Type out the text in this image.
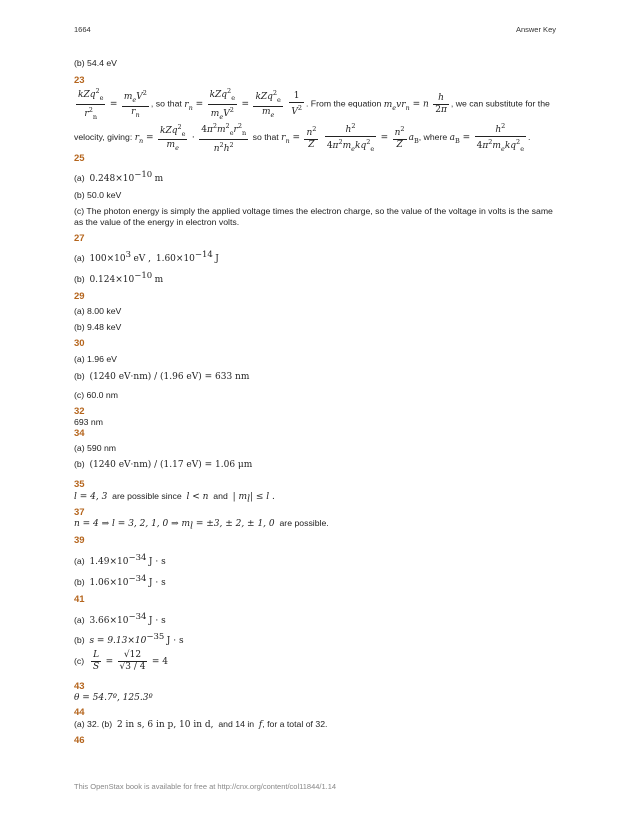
1664	Answer Key
(b) 54.4 eV
23
$\frac{kZq^2_e}{r^2_n} = \frac{m_eV^2}{r_n}$ , so that $r_n = \frac{kZq^2_e}{m_eV^2} = \frac{kZq^2_e}{m_e}$
$\frac{1}{V^2}$ . From the equation $m_evr_n = n \frac{h}{2\pi}$ , we can substitute for the
velocity, giving: $r_n = \frac{kZq^2_e}{m_e} \cdot \frac{4\pi^2m^2_er^2_n}{n^2h^2}$ so that $r_n = \frac{n^2}{Z}$
$\frac{h^2}{4\pi^2m_ekq^2_e} = \frac{n^2}{Z} a_B$, where $a_B = \frac{h^2}{4\pi^2m_ekq^2_e}$ .
25
(a) $0.248\times 10^{-10}$ m
(b) 50.0 keV
(c) The photon energy is simply the applied voltage times the electron charge, so the value of the voltage in volts is the same as the value of the energy in electron volts.
27
(a) $100\times 10^3$ eV , $1.60\times 10^{-14}$ J
(b) $0.124\times 10^{-10}$ m
29
(a) 8.00 keV
(b) 9.48 keV
30
(a) 1.96 eV
(b) (1240 eV·nm) / (1.96 eV) = 633 nm
(c) 60.0 nm
32
693 nm
34
(a) 590 nm
(b) (1240 eV·nm) / (1.17 eV) = 1.06 μm
35
l = 4, 3 are possible since l < n and | $m_l| \le l$ .
37
n = 4 ⇒ l = 3, 2, 1, 0 ⇒ $m_l = \pm 3$, ± 2, ± 1, 0 are possible.
39
(a) $1.49\times 10^{-34}$ J · s
(b) $1.06\times 10^{-34}$ J · s
41
(a) $3.66\times 10^{-34}$ J · s
(b) $s = 9.13\times 10^{-35}$ J · s
$(c) \frac{L}{S} = \frac{√12}{√3 / 4} = 4$
43
θ = 54.7º, 125.3º
44
(a) 32. (b) 2 in s, 6 in p, 10 in d, and 14 in f, for a total of 32.
46
This OpenStax book is available for free at http://cnx.org/content/col11844/1.14
